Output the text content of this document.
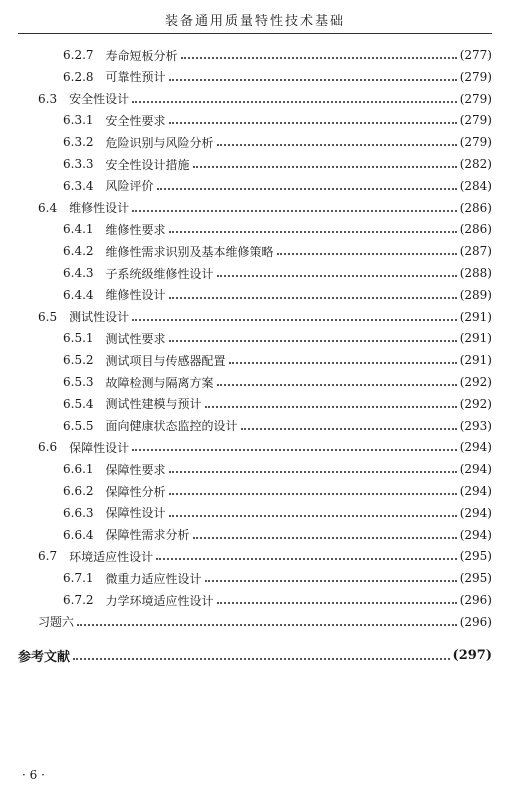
装备通用质量特性技术基础
6.2.7	寿命短板分析	(277)
6.2.8	可靠性预计	(279)
6.3	安全性设计	(279)
6.3.1	安全性要求	(279)
6.3.2	危险识别与风险分析	(279)
6.3.3	安全性设计措施	(282)
6.3.4	风险评价	(284)
6.4	维修性设计	(286)
6.4.1	维修性要求	(286)
6.4.2	维修性需求识别及基本维修策略	(287)
6.4.3	子系统级维修性设计	(288)
6.4.4	维修性设计	(289)
6.5	测试性设计	(291)
6.5.1	测试性要求	(291)
6.5.2	测试项目与传感器配置	(291)
6.5.3	故障检测与隔离方案	(292)
6.5.4	测试性建模与预计	(292)
6.5.5	面向健康状态监控的设计	(293)
6.6	保障性设计	(294)
6.6.1	保障性要求	(294)
6.6.2	保障性分析	(294)
6.6.3	保障性设计	(294)
6.6.4	保障性需求分析	(294)
6.7	环境适应性设计	(295)
6.7.1	微重力适应性设计	(295)
6.7.2	力学环境适应性设计	(296)
习题六	(296)
参考文献	(297)
· 6 ·
